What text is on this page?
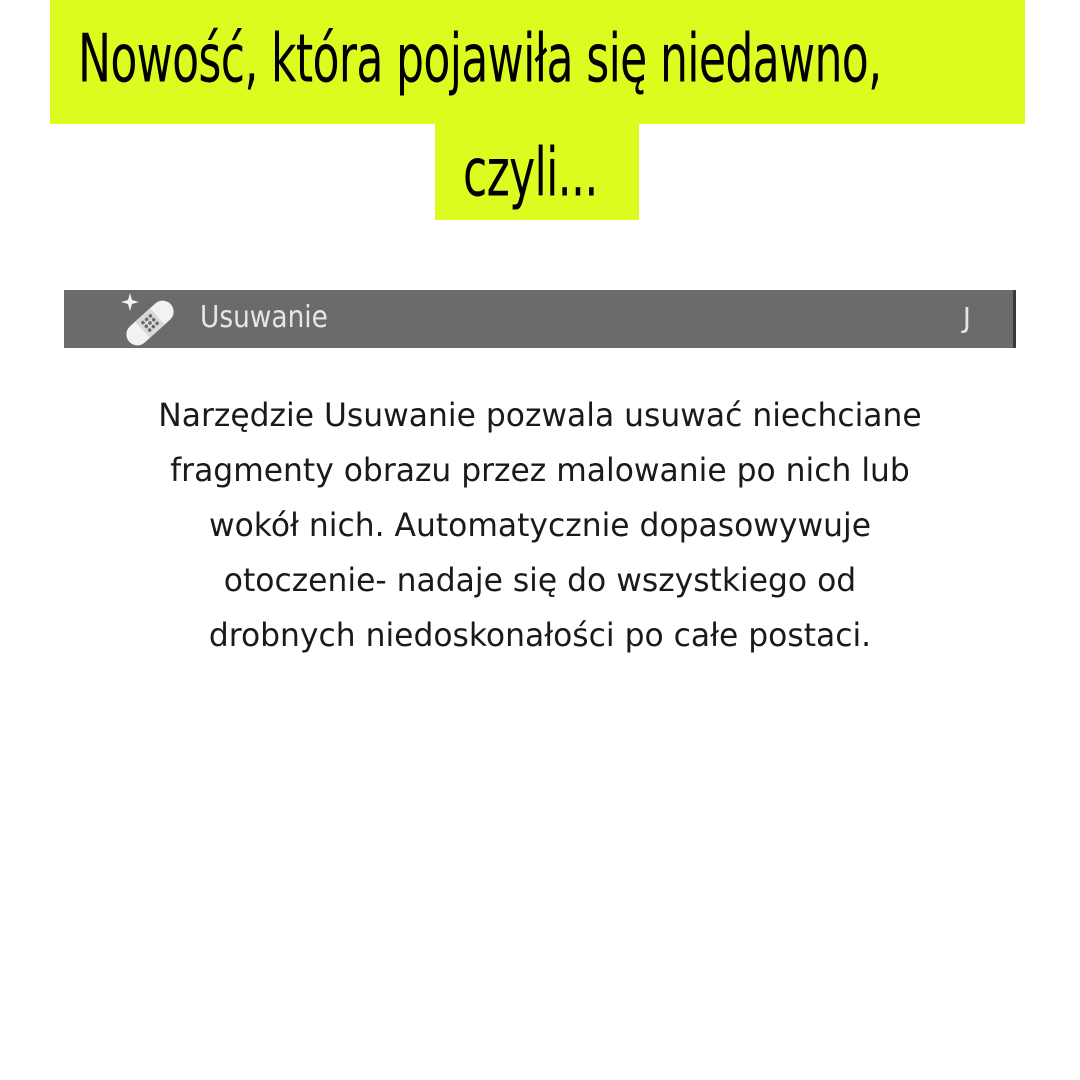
Nowość, która pojawiła się niedawno,
czyli...
Usuwanie	J
Narzędzie Usuwanie pozwala usuwać niechciane
fragmenty obrazu przez malowanie po nich lub
wokół nich. Automatycznie dopasowywuje
otoczenie- nadaje się do wszystkiego od
drobnych niedoskonałości po całe postaci.
